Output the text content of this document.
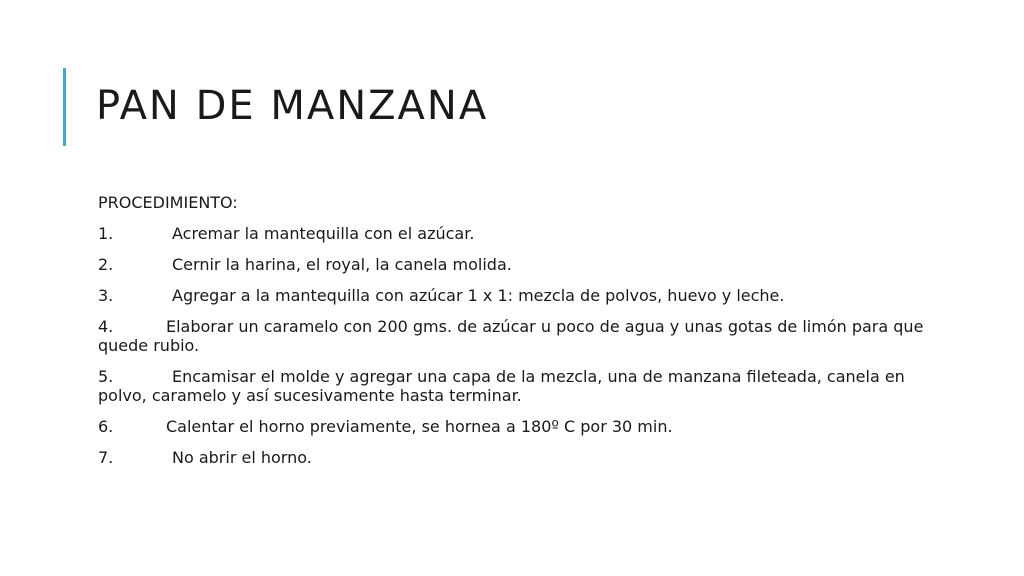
PAN DE MANZANA

PROCEDIMIENTO:

1.	Acremar la mantequilla con el azúcar.

2.	Cernir la harina, el royal, la canela molida.

3.	Agregar a la mantequilla con azúcar 1 x 1: mezcla de polvos, huevo y leche.

4.	Elaborar un caramelo con 200 gms. de azúcar u poco de agua y unas gotas de limón para que quede rubio.

5.	Encamisar el molde y agregar una capa de la mezcla, una de manzana fileteada, canela en polvo, caramelo y así sucesivamente hasta terminar.

6.	Calentar el horno previamente, se hornea a 180º C por 30 min.

7.	No abrir el horno.
